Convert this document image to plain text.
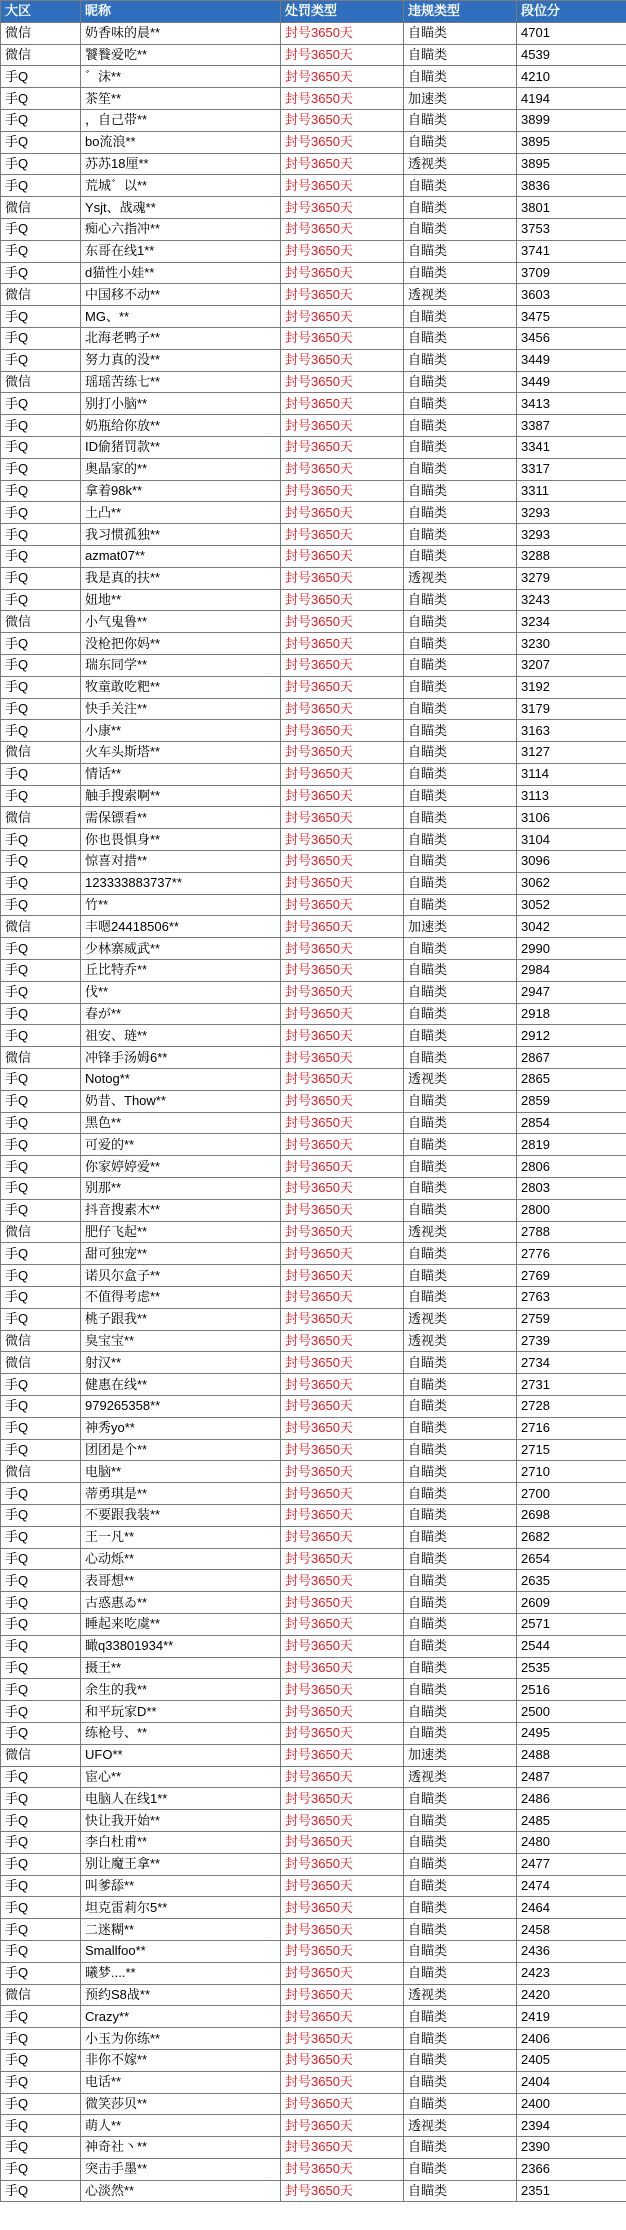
大区	昵称	处罚类型	违规类型	段位分
微信	奶香味的晨**	封号3650天	自瞄类	4701
微信	饕餮爱吃**	封号3650天	自瞄类	4539
手Q	゛沫**	封号3650天	自瞄类	4210
手Q	茶笙**	封号3650天	加速类	4194
手Q	，自己带**	封号3650天	自瞄类	3899
手Q	bo流浪**	封号3650天	自瞄类	3895
手Q	苏苏18厘**	封号3650天	透视类	3895
手Q	荒城゛以**	封号3650天	自瞄类	3836
微信	Ysjt、战魂**	封号3650天	自瞄类	3801
手Q	痴心六指冲**	封号3650天	自瞄类	3753
手Q	东哥在线1**	封号3650天	自瞄类	3741
手Q	d猫性小娃**	封号3650天	自瞄类	3709
微信	中国移不动**	封号3650天	透视类	3603
手Q	MG、**	封号3650天	自瞄类	3475
手Q	北海老鸭子**	封号3650天	自瞄类	3456
手Q	努力真的没**	封号3650天	自瞄类	3449
微信	瑶瑶苦练七**	封号3650天	自瞄类	3449
手Q	别打小脑**	封号3650天	自瞄类	3413
手Q	奶瓶给你放**	封号3650天	自瞄类	3387
手Q	ID偷猪罚款**	封号3650天	自瞄类	3341
手Q	奥晶家的**	封号3650天	自瞄类	3317
手Q	拿着98k**	封号3650天	自瞄类	3311
手Q	土凸**	封号3650天	自瞄类	3293
手Q	我习惯孤独**	封号3650天	自瞄类	3293
手Q	azmat07**	封号3650天	自瞄类	3288
手Q	我是真的扶**	封号3650天	透视类	3279
手Q	妞地**	封号3650天	自瞄类	3243
微信	小气鬼鲁**	封号3650天	自瞄类	3234
手Q	没枪把你妈**	封号3650天	自瞄类	3230
手Q	瑞东同学**	封号3650天	自瞄类	3207
手Q	牧童敢吃粑**	封号3650天	自瞄类	3192
手Q	快手关注**	封号3650天	自瞄类	3179
手Q	小康**	封号3650天	自瞄类	3163
微信	火车头斯塔**	封号3650天	自瞄类	3127
手Q	情话**	封号3650天	自瞄类	3114
手Q	触手搜索啊**	封号3650天	自瞄类	3113
微信	需保镖看**	封号3650天	自瞄类	3106
手Q	你也畏惧身**	封号3650天	自瞄类	3104
手Q	惊喜对措**	封号3650天	自瞄类	3096
手Q	123333883737**	封号3650天	自瞄类	3062
手Q	竹**	封号3650天	自瞄类	3052
微信	丰嗯24418506**	封号3650天	加速类	3042
手Q	少林寨威武**	封号3650天	自瞄类	2990
手Q	丘比特乔**	封号3650天	自瞄类	2984
手Q	伐**	封号3650天	自瞄类	2947
手Q	春が**	封号3650天	自瞄类	2918
手Q	祖安、琏**	封号3650天	自瞄类	2912
微信	冲锋手汤姆6**	封号3650天	自瞄类	2867
手Q	Notog**	封号3650天	透视类	2865
手Q	奶昔、Thow**	封号3650天	自瞄类	2859
手Q	黑色**	封号3650天	自瞄类	2854
手Q	可爱的**	封号3650天	自瞄类	2819
手Q	你家婷婷爱**	封号3650天	自瞄类	2806
手Q	别那**	封号3650天	自瞄类	2803
手Q	抖音搜素木**	封号3650天	自瞄类	2800
微信	肥仔飞起**	封号3650天	透视类	2788
手Q	甜可独宠**	封号3650天	自瞄类	2776
手Q	诺贝尔盒子**	封号3650天	自瞄类	2769
手Q	不值得考虑**	封号3650天	自瞄类	2763
手Q	桃子跟我**	封号3650天	透视类	2759
微信	臭宝宝**	封号3650天	透视类	2739
微信	射汉**	封号3650天	自瞄类	2734
手Q	健惠在线**	封号3650天	自瞄类	2731
手Q	979265358**	封号3650天	自瞄类	2728
手Q	神秀yo**	封号3650天	自瞄类	2716
手Q	团团是个**	封号3650天	自瞄类	2715
微信	电脑**	封号3650天	自瞄类	2710
手Q	蒂勇琪是**	封号3650天	自瞄类	2700
手Q	不要跟我装**	封号3650天	自瞄类	2698
手Q	王一凡**	封号3650天	自瞄类	2682
手Q	心动烁**	封号3650天	自瞄类	2654
手Q	表哥想**	封号3650天	自瞄类	2635
手Q	古惑惠ゐ**	封号3650天	自瞄类	2609
手Q	睡起来吃虞**	封号3650天	自瞄类	2571
手Q	瞰q33801934**	封号3650天	自瞄类	2544
手Q	摄王**	封号3650天	自瞄类	2535
手Q	余生的我**	封号3650天	自瞄类	2516
手Q	和平玩家D**	封号3650天	自瞄类	2500
手Q	练枪号、**	封号3650天	自瞄类	2495
微信	UFO**	封号3650天	加速类	2488
手Q	宦心**	封号3650天	透视类	2487
手Q	电脑人在线1**	封号3650天	自瞄类	2486
手Q	快让我开始**	封号3650天	自瞄类	2485
手Q	李白杜甫**	封号3650天	自瞄类	2480
手Q	别让魔王拿**	封号3650天	自瞄类	2477
手Q	叫爹舔**	封号3650天	自瞄类	2474
手Q	坦克雷莉尔5**	封号3650天	自瞄类	2464
手Q	二迷糊**	封号3650天	自瞄类	2458
手Q	Smallfoo**	封号3650天	自瞄类	2436
手Q	曦梦....**	封号3650天	自瞄类	2423
微信	预约S8战**	封号3650天	透视类	2420
手Q	Crazy**	封号3650天	自瞄类	2419
手Q	小玉为你练**	封号3650天	自瞄类	2406
手Q	非你不嫁**	封号3650天	自瞄类	2405
手Q	电话**	封号3650天	自瞄类	2404
手Q	微笑莎贝**	封号3650天	自瞄类	2400
手Q	萌人**	封号3650天	透视类	2394
手Q	神奇社丶**	封号3650天	自瞄类	2390
手Q	突击手墨**	封号3650天	自瞄类	2366
手Q	心淡然**	封号3650天	自瞄类	2351
